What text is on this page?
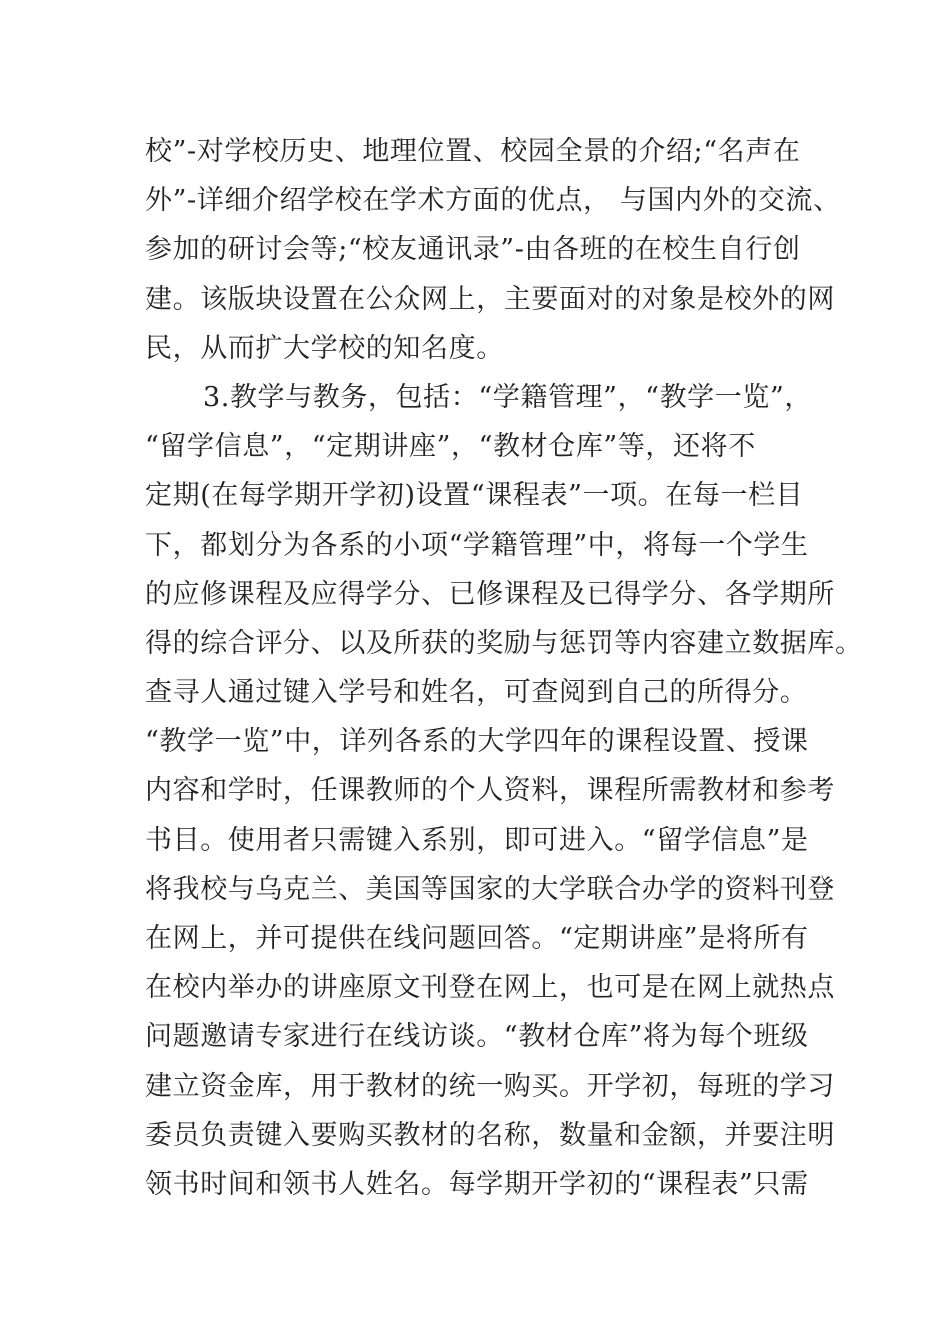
校”-对学校历史、地理位置、校园全景的介绍;“名声在
外”-详细介绍学校在学术方面的优点， 与国内外的交流、
参加的研讨会等;“校友通讯录”-由各班的在校生自行创
建。该版块设置在公众网上，主要面对的对象是校外的网
民，从而扩大学校的知名度。
3.教学与教务，包括：“学籍管理”，“教学一览”，
“留学信息”，“定期讲座”，“教材仓库”等，还将不
定期(在每学期开学初)设置“课程表”一项。在每一栏目
下，都划分为各系的小项“学籍管理”中，将每一个学生
的应修课程及应得学分、已修课程及已得学分、各学期所
得的综合评分、以及所获的奖励与惩罚等内容建立数据库。
查寻人通过键入学号和姓名，可查阅到自己的所得分。
“教学一览”中，详列各系的大学四年的课程设置、授课
内容和学时，任课教师的个人资料，课程所需教材和参考
书目。使用者只需键入系别，即可进入。“留学信息”是
将我校与乌克兰、美国等国家的大学联合办学的资料刊登
在网上，并可提供在线问题回答。“定期讲座”是将所有
在校内举办的讲座原文刊登在网上，也可是在网上就热点
问题邀请专家进行在线访谈。“教材仓库”将为每个班级
建立资金库，用于教材的统一购买。开学初，每班的学习
委员负责键入要购买教材的名称，数量和金额，并要注明
领书时间和领书人姓名。每学期开学初的“课程表”只需
